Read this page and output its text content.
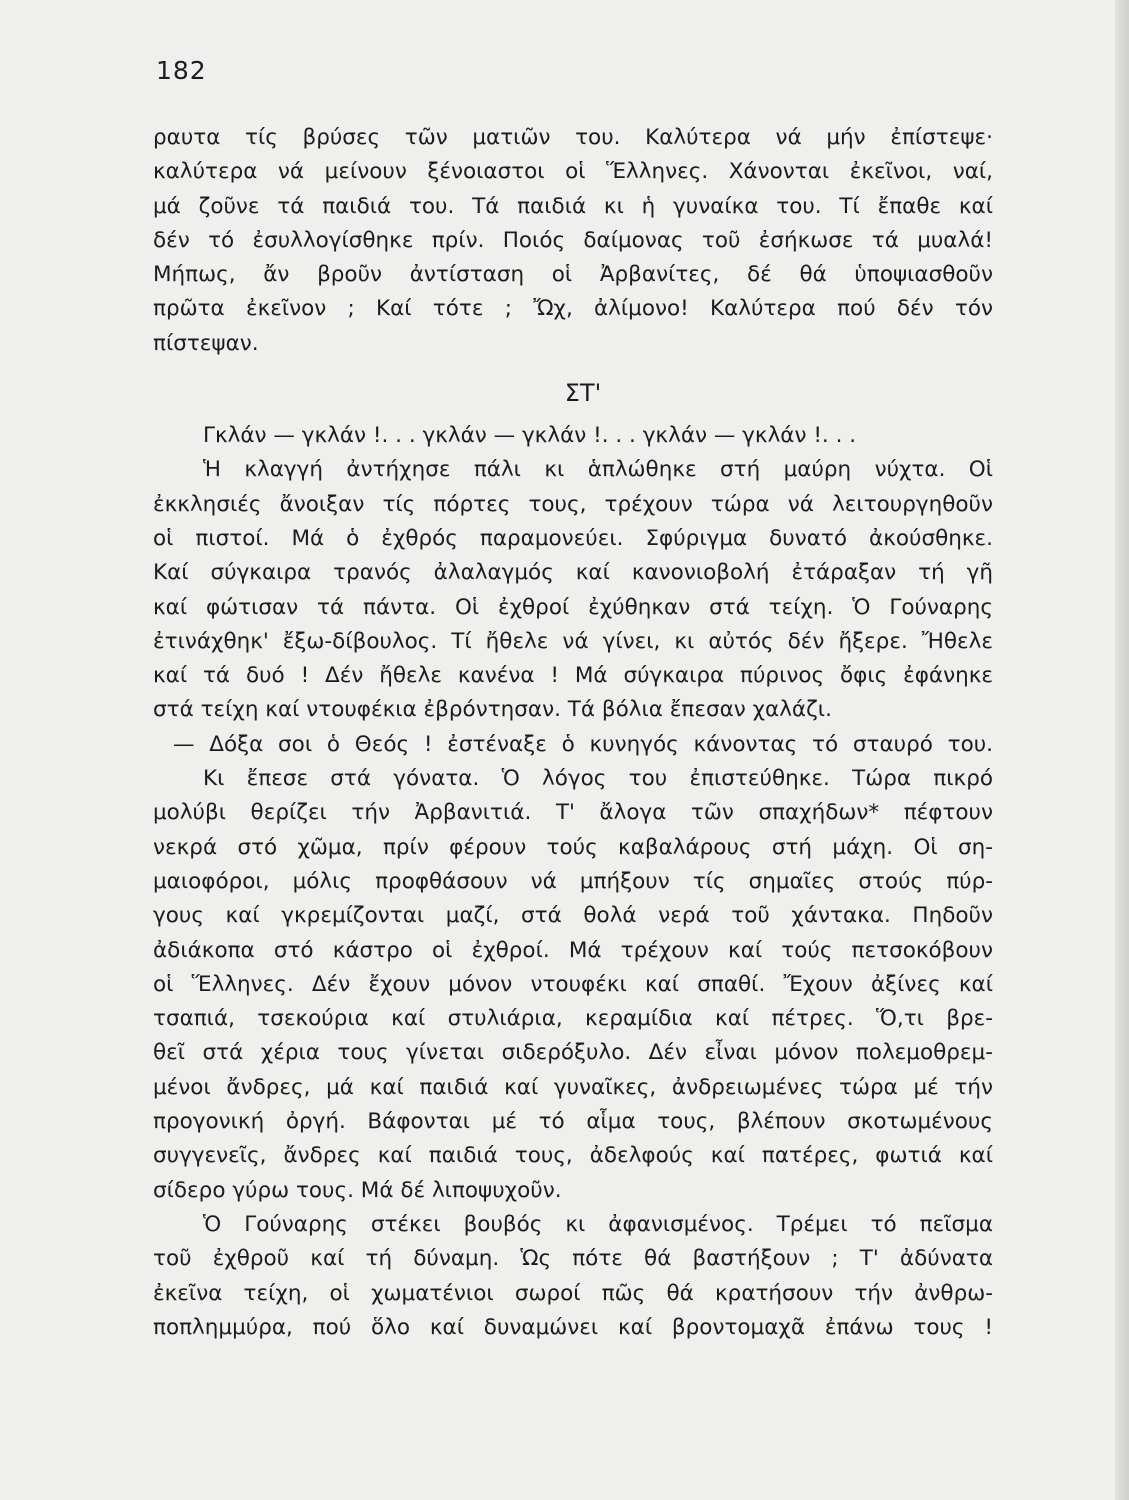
182
ραυτα τίς βρύσες τῶν ματιῶν του. Καλύτερα νά μήν ἐπίστεψε·
καλύτερα νά μείνουν ξένοιαστοι οἱ Ἕλληνες. Χάνονται ἐκεῖνοι, ναί,
μά ζοῦνε τά παιδιά του. Τά παιδιά κι ἡ γυναίκα του. Τί ἔπαθε καί
δέν τό ἐσυλλογίσθηκε πρίν. Ποιός δαίμονας τοῦ ἐσήκωσε τά μυαλά!
Μήπως, ἄν βροῦν ἀντίσταση οἱ Ἀρβανίτες, δέ θά ὑποψιασθοῦν
πρῶτα ἐκεῖνον ; Καί τότε ; Ὤχ, ἀλίμονο! Καλύτερα πού δέν τόν
πίστεψαν.
ΣΤ'
Γκλάν — γκλάν !. . . γκλάν — γκλάν !. . . γκλάν — γκλάν !. . .
Ἡ κλαγγή ἀντήχησε πάλι κι ἁπλώθηκε στή μαύρη νύχτα. Οἱ
ἐκκλησιές ἄνοιξαν τίς πόρτες τους, τρέχουν τώρα νά λειτουργηθοῦν
οἱ πιστοί. Μά ὁ ἐχθρός παραμονεύει. Σφύριγμα δυνατό ἀκούσθηκε.
Καί σύγκαιρα τρανός ἀλαλαγμός καί κανονιοβολή ἐτάραξαν τή γῆ
καί φώτισαν τά πάντα. Οἱ ἐχθροί ἐχύθηκαν στά τείχη. Ὁ Γούναρης
ἐτινάχθηκ' ἔξω-δίβουλος. Τί ἤθελε νά γίνει, κι αὐτός δέν ἤξερε. Ἤθελε
καί τά δυό ! Δέν ἤθελε κανένα ! Μά σύγκαιρα πύρινος ὄφις ἐφάνηκε
στά τείχη καί ντουφέκια ἐβρόντησαν. Τά βόλια ἔπεσαν χαλάζι.
— Δόξα σοι ὁ Θεός ! ἐστέναξε ὁ κυνηγός κάνοντας τό σταυρό του.
Κι ἔπεσε στά γόνατα. Ὁ λόγος του ἐπιστεύθηκε. Τώρα πικρό
μολύβι θερίζει τήν Ἀρβανιτιά. Τ' ἄλογα τῶν σπαχήδων* πέφτουν
νεκρά στό χῶμα, πρίν φέρουν τούς καβαλάρους στή μάχη. Οἱ ση-
μαιοφόροι, μόλις προφθάσουν νά μπήξουν τίς σημαῖες στούς πύρ-
γους καί γκρεμίζονται μαζί, στά θολά νερά τοῦ χάντακα. Πηδοῦν
ἀδιάκοπα στό κάστρο οἱ ἐχθροί. Μά τρέχουν καί τούς πετσοκόβουν
οἱ Ἕλληνες. Δέν ἔχουν μόνον ντουφέκι καί σπαθί. Ἔχουν ἀξίνες καί
τσαπιά, τσεκούρια καί στυλιάρια, κεραμίδια καί πέτρες. Ὅ,τι βρε-
θεῖ στά χέρια τους γίνεται σιδερόξυλο. Δέν εἶναι μόνον πολεμοθρεμ-
μένοι ἄνδρες, μά καί παιδιά καί γυναῖκες, ἀνδρειωμένες τώρα μέ τήν
προγονική ὀργή. Βάφονται μέ τό αἷμα τους, βλέπουν σκοτωμένους
συγγενεῖς, ἄνδρες καί παιδιά τους, ἀδελφούς καί πατέρες, φωτιά καί
σίδερο γύρω τους. Μά δέ λιποψυχοῦν.
Ὁ Γούναρης στέκει βουβός κι ἀφανισμένος. Τρέμει τό πεῖσμα
τοῦ ἐχθροῦ καί τή δύναμη. Ὡς πότε θά βαστήξουν ; Τ' ἀδύνατα
ἐκεῖνα τείχη, οἱ χωματένιοι σωροί πῶς θά κρατήσουν τήν ἀνθρω-
ποπλημμύρα, πού ὅλο καί δυναμώνει καί βροντομαχᾶ ἐπάνω τους !
